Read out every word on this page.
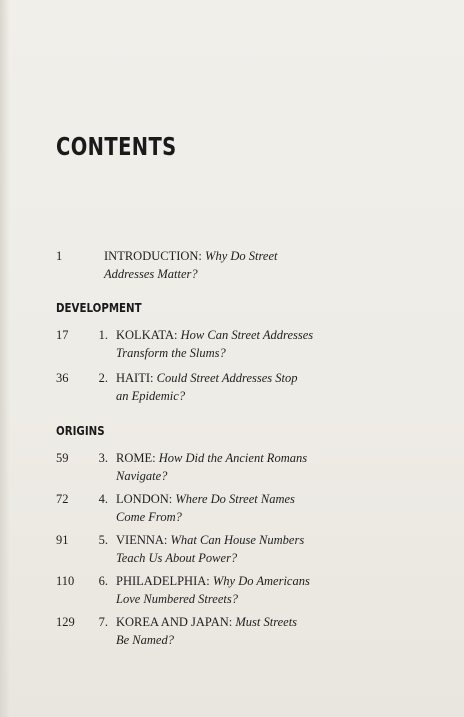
CONTENTS
1	INTRODUCTION: Why Do Street
Addresses Matter?
DEVELOPMENT
17	1. KOLKATA: How Can Street Addresses
Transform the Slums?
36	2. HAITI: Could Street Addresses Stop
an Epidemic?
ORIGINS
59	3. ROME: How Did the Ancient Romans
Navigate?
72	4. LONDON: Where Do Street Names
Come From?
91	5. VIENNA: What Can House Numbers
Teach Us About Power?
110	6. PHILADELPHIA: Why Do Americans
Love Numbered Streets?
129	7. KOREA AND JAPAN: Must Streets
Be Named?
